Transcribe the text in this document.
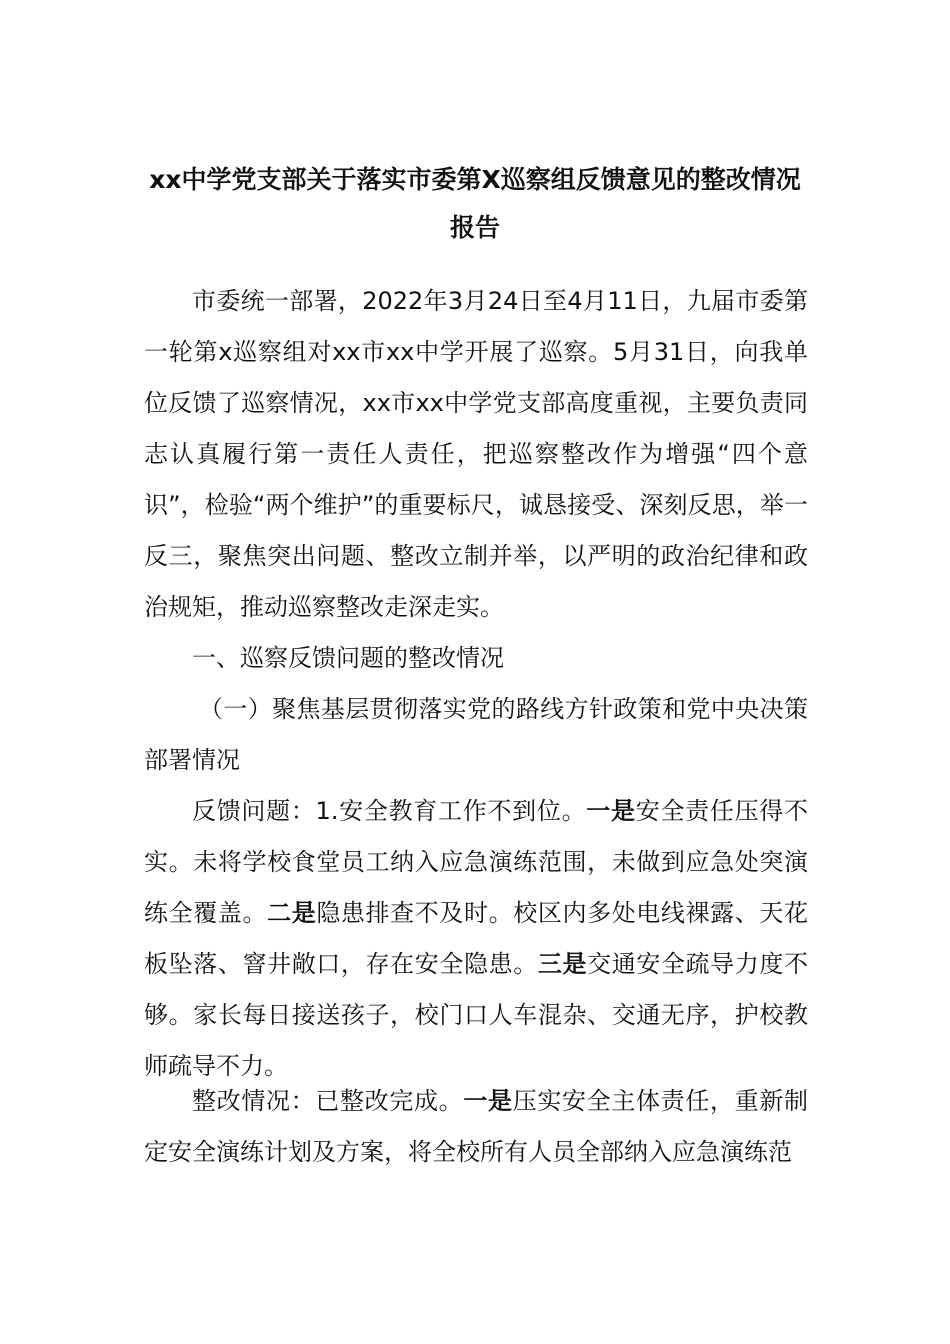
xx中学党支部关于落实市委第X巡察组反馈意见的整改情况报告
市委统一部署，2022年3月24日至4月11日，九届市委第一轮第x巡察组对xx市xx中学开展了巡察。5月31日，向我单位反馈了巡察情况，xx市xx中学党支部高度重视，主要负责同志认真履行第一责任人责任，把巡察整改作为增强“四个意识”，检验“两个维护”的重要标尺，诚恳接受、深刻反思，举一反三，聚焦突出问题、整改立制并举，以严明的政治纪律和政治规矩，推动巡察整改走深走实。
一、巡察反馈问题的整改情况
（一）聚焦基层贯彻落实党的路线方针政策和党中央决策部署情况
反馈问题：1.安全教育工作不到位。一是安全责任压得不实。未将学校食堂员工纳入应急演练范围，未做到应急处突演练全覆盖。二是隐患排查不及时。校区内多处电线裸露、天花板坠落、窨井敞口，存在安全隐患。三是交通安全疏导力度不够。家长每日接送孩子，校门口人车混杂、交通无序，护校教师疏导不力。
整改情况：已整改完成。一是压实安全主体责任，重新制定安全演练计划及方案，将全校所有人员全部纳入应急演练范
